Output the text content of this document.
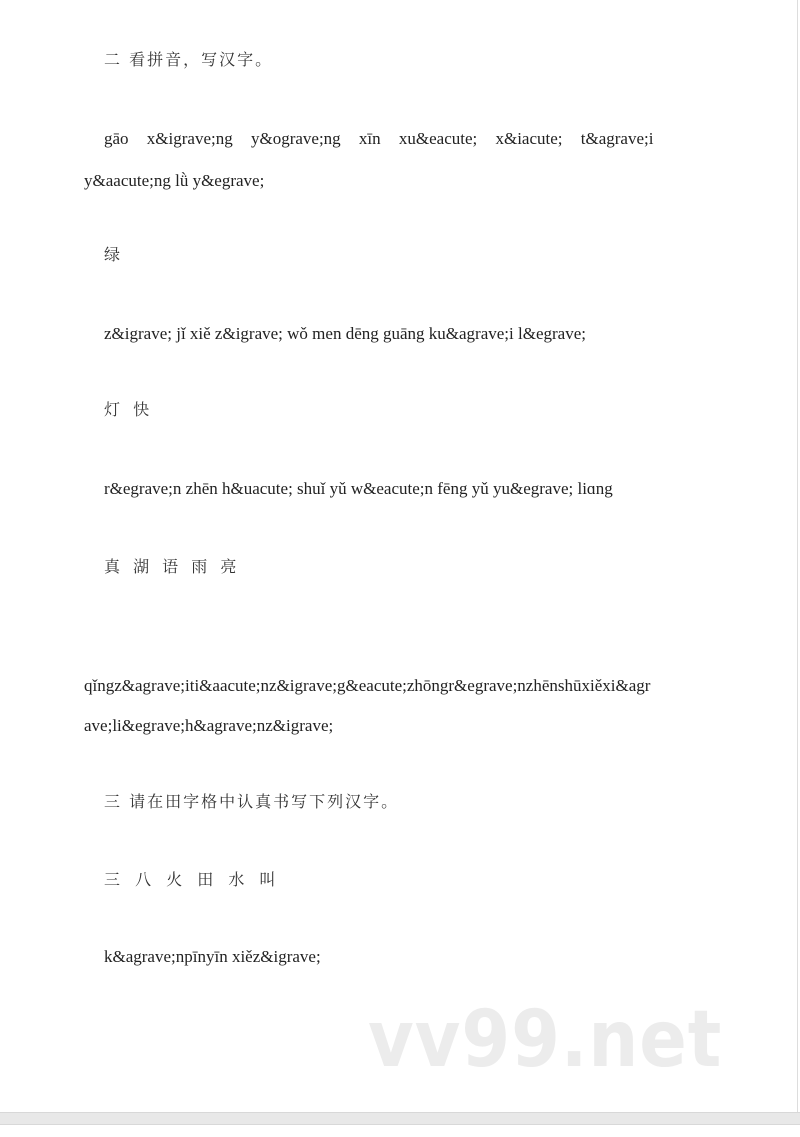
二 看拼音，写汉字。
gāo x&igrave;ng y&ograve;ng xīn xu&eacute; x&iacute; t&agrave;i
y&aacute;ng lǜ y&egrave;
绿
z&igrave; jǐ xiě z&igrave; wǒ men dēng guāng ku&agrave;i l&egrave;
灯 快
r&egrave;n zhēn h&uacute; shuǐ yǔ w&eacute;n fēng yǔ yu&egrave; liɑng
真 湖 语 雨 亮
qǐngz&agrave;iti&aacute;nz&igrave;g&eacute;zhōngr&egrave;nzhēnshūxiěxi&agr
ave;li&egrave;h&agrave;nz&igrave;
三 请在田字格中认真书写下列汉字。
三 八 火 田 水 叫
k&agrave;npīnyīn xiěz&igrave;
vv99.net
